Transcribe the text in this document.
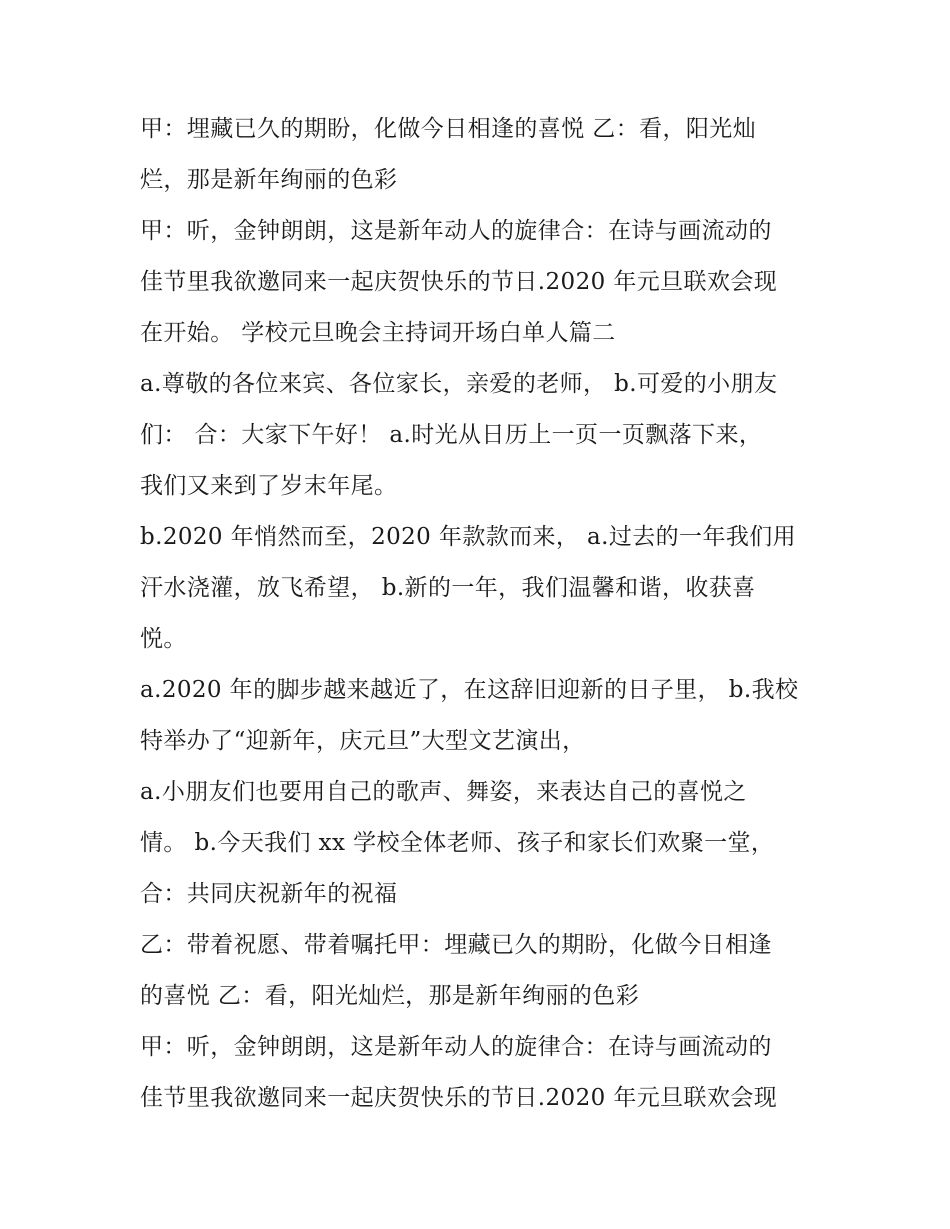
甲：埋藏已久的期盼，化做今日相逢的喜悦 乙：看，阳光灿
烂，那是新年绚丽的色彩
甲：听，金钟朗朗，这是新年动人的旋律合：在诗与画流动的
佳节里我欲邀同来一起庆贺快乐的节日.2020 年元旦联欢会现
在开始。 学校元旦晚会主持词开场白单人篇二
a.尊敬的各位来宾、各位家长，亲爱的老师， b.可爱的小朋友
们： 合：大家下午好！ a.时光从日历上一页一页飘落下来，
我们又来到了岁末年尾。
b.2020 年悄然而至，2020 年款款而来， a.过去的一年我们用
汗水浇灌，放飞希望， b.新的一年，我们温馨和谐，收获喜
悦。
a.2020 年的脚步越来越近了，在这辞旧迎新的日子里， b.我校
特举办了“迎新年，庆元旦”大型文艺演出，
a.小朋友们也要用自己的歌声、舞姿，来表达自己的喜悦之
情。 b.今天我们 xx 学校全体老师、孩子和家长们欢聚一堂，
合：共同庆祝新年的祝福
乙：带着祝愿、带着嘱托甲：埋藏已久的期盼，化做今日相逢
的喜悦 乙：看，阳光灿烂，那是新年绚丽的色彩
甲：听，金钟朗朗，这是新年动人的旋律合：在诗与画流动的
佳节里我欲邀同来一起庆贺快乐的节日.2020 年元旦联欢会现
